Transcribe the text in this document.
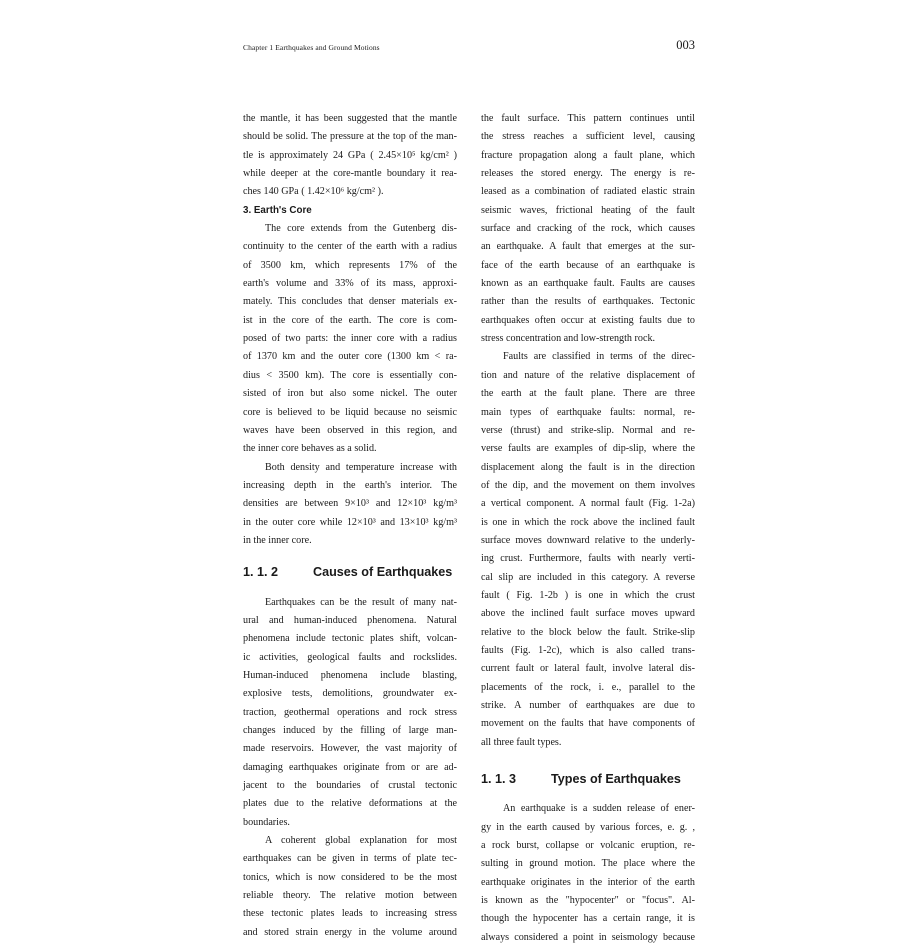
Chapter 1 Earthquakes and Ground Motions	003

the mantle, it has been suggested that the mantle
should be solid. The pressure at the top of the man-
tle is approximately 24 GPa ( 2.45×10⁵ kg/cm² )
while deeper at the core-mantle boundary it rea-
ches 140 GPa ( 1.42×10⁶ kg/cm² ).

3. Earth's Core

The core extends from the Gutenberg dis-
continuity to the center of the earth with a radius
of 3500 km, which represents 17% of the
earth's volume and 33% of its mass, approxi-
mately. This concludes that denser materials ex-
ist in the core of the earth. The core is com-
posed of two parts: the inner core with a radius
of 1370 km and the outer core (1300 km < ra-
dius < 3500 km). The core is essentially con-
sisted of iron but also some nickel. The outer
core is believed to be liquid because no seismic
waves have been observed in this region, and
the inner core behaves as a solid.

Both density and temperature increase with
increasing depth in the earth's interior. The
densities are between 9×10³ and 12×10³ kg/m³
in the outer core while 12×10³ and 13×10³ kg/m³
in the inner core.

1. 1. 2	Causes of Earthquakes

Earthquakes can be the result of many nat-
ural and human-induced phenomena. Natural
phenomena include tectonic plates shift, volcan-
ic activities, geological faults and rockslides.
Human-induced phenomena include blasting,
explosive tests, demolitions, groundwater ex-
traction, geothermal operations and rock stress
changes induced by the filling of large man-
made reservoirs. However, the vast majority of
damaging earthquakes originate from or are ad-
jacent to the boundaries of crustal tectonic
plates due to the relative deformations at the
boundaries.

A coherent global explanation for most
earthquakes can be given in terms of plate tec-
tonics, which is now considered to be the most
reliable theory. The relative motion between
these tectonic plates leads to increasing stress
and stored strain energy in the volume around

the fault surface. This pattern continues until
the stress reaches a sufficient level, causing
fracture propagation along a fault plane, which
releases the stored energy. The energy is re-
leased as a combination of radiated elastic strain
seismic waves, frictional heating of the fault
surface and cracking of the rock, which causes
an earthquake. A fault that emerges at the sur-
face of the earth because of an earthquake is
known as an earthquake fault. Faults are causes
rather than the results of earthquakes. Tectonic
earthquakes often occur at existing faults due to
stress concentration and low-strength rock.

Faults are classified in terms of the direc-
tion and nature of the relative displacement of
the earth at the fault plane. There are three
main types of earthquake faults: normal, re-
verse (thrust) and strike-slip. Normal and re-
verse faults are examples of dip-slip, where the
displacement along the fault is in the direction
of the dip, and the movement on them involves
a vertical component. A normal fault (Fig. 1-2a)
is one in which the rock above the inclined fault
surface moves downward relative to the underly-
ing crust. Furthermore, faults with nearly verti-
cal slip are included in this category. A reverse
fault ( Fig. 1-2b ) is one in which the crust
above the inclined fault surface moves upward
relative to the block below the fault. Strike-slip
faults (Fig. 1-2c), which is also called trans-
current fault or lateral fault, involve lateral dis-
placements of the rock, i. e., parallel to the
strike. A number of earthquakes are due to
movement on the faults that have components of
all three fault types.

1. 1. 3	Types of Earthquakes

An earthquake is a sudden release of ener-
gy in the earth caused by various forces, e. g. ,
a rock burst, collapse or volcanic eruption, re-
sulting in ground motion. The place where the
earthquake originates in the interior of the earth
is known as the "hypocenter" or "focus". Al-
though the hypocenter has a certain range, it is
always considered a point in seismology because
